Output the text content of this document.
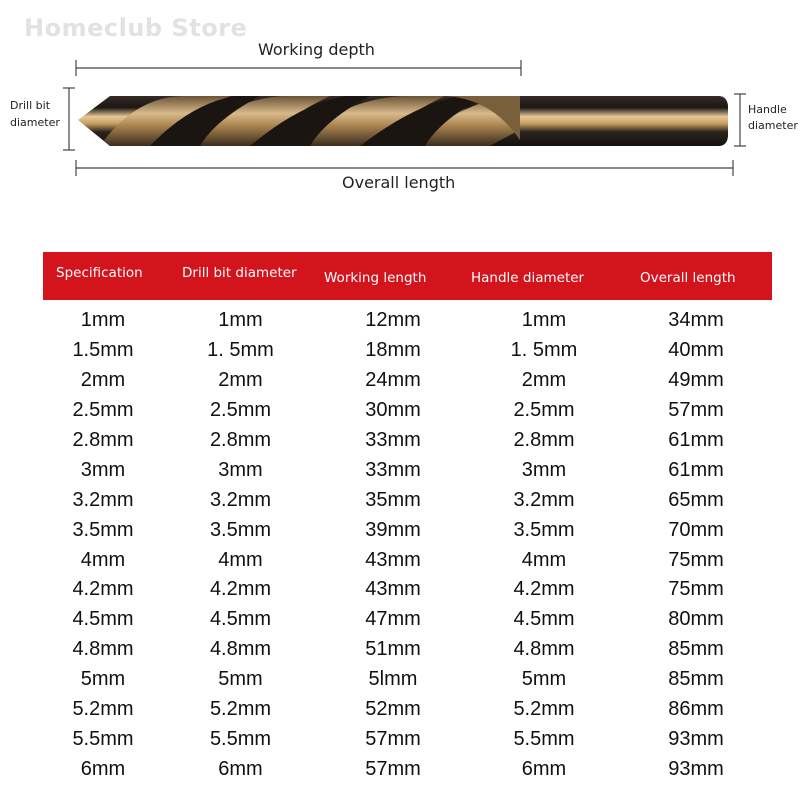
Homeclub Store
Working depth
Overall length
Drill bit diameter
Handle diameter
Specification	Drill bit diameter	Working length	Handle diameter	Overall length
1mm	1mm	12mm	1mm	34mm
1.5mm	1. 5mm	18mm	1. 5mm	40mm
2mm	2mm	24mm	2mm	49mm
2.5mm	2.5mm	30mm	2.5mm	57mm
2.8mm	2.8mm	33mm	2.8mm	61mm
3mm	3mm	33mm	3mm	61mm
3.2mm	3.2mm	35mm	3.2mm	65mm
3.5mm	3.5mm	39mm	3.5mm	70mm
4mm	4mm	43mm	4mm	75mm
4.2mm	4.2mm	43mm	4.2mm	75mm
4.5mm	4.5mm	47mm	4.5mm	80mm
4.8mm	4.8mm	51mm	4.8mm	85mm
5mm	5mm	5lmm	5mm	85mm
5.2mm	5.2mm	52mm	5.2mm	86mm
5.5mm	5.5mm	57mm	5.5mm	93mm
6mm	6mm	57mm	6mm	93mm
